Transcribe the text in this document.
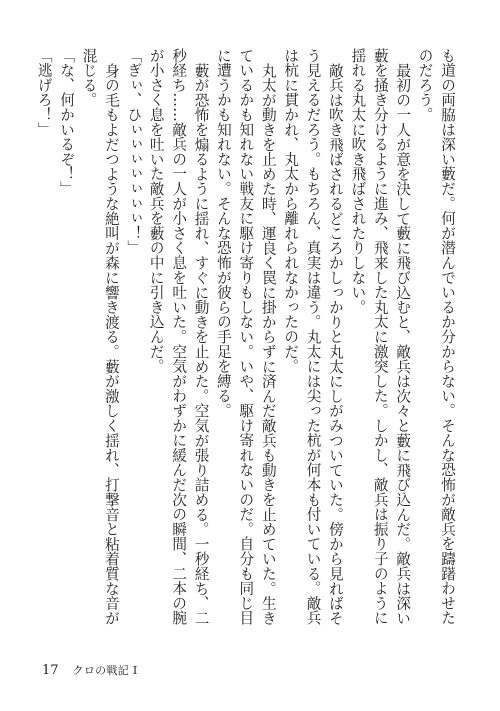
も道の両脇は深い藪だ。何が潜んでいるか分からない。そんな恐怖が敵兵を躊躇わせたのだろう。

最初の一人が意を決して藪に飛び込むと、敵兵は次々と藪に飛び込んだ。敵兵は深い藪を掻き分けるように進み、飛来した丸太に激突した。しかし、敵兵は振り子のように揺れる丸太に吹き飛ばされたりしない。

敵兵は吹き飛ばされるどころかしっかりと丸太にしがみついていた。傍から見ればそう見えるだろう。もちろん、真実は違う。丸太には尖った杭が何本も付いている。敵兵は杭に貫かれ、丸太から離れられなかったのだ。

丸太が動きを止めた時、運良く罠に掛からずに済んだ敵兵も動きを止めていた。生きているかも知れない戦友に駆け寄りもしない。いや、駆け寄れないのだ。自分も同じ目に遭うかも知れない。そんな恐怖が彼らの手足を縛る。

藪が恐怖を煽るように揺れ、すぐに動きを止めた。空気が張り詰める。一秒経ち、二秒経ち……敵兵の一人が小さく息を吐いた。空気がわずかに緩んだ次の瞬間、二本の腕が小さく息を吐いた敵兵を藪の中に引き込んだ。

「ぎぃ、ひぃぃぃぃぃぃぃ！」

身の毛もよだつような絶叫が森に響き渡る。藪が激しく揺れ、打撃音と粘着質な音が混じる。

「な、何かいるぞ！」

「逃げろ！」

17 クロの戦記 Ⅰ
